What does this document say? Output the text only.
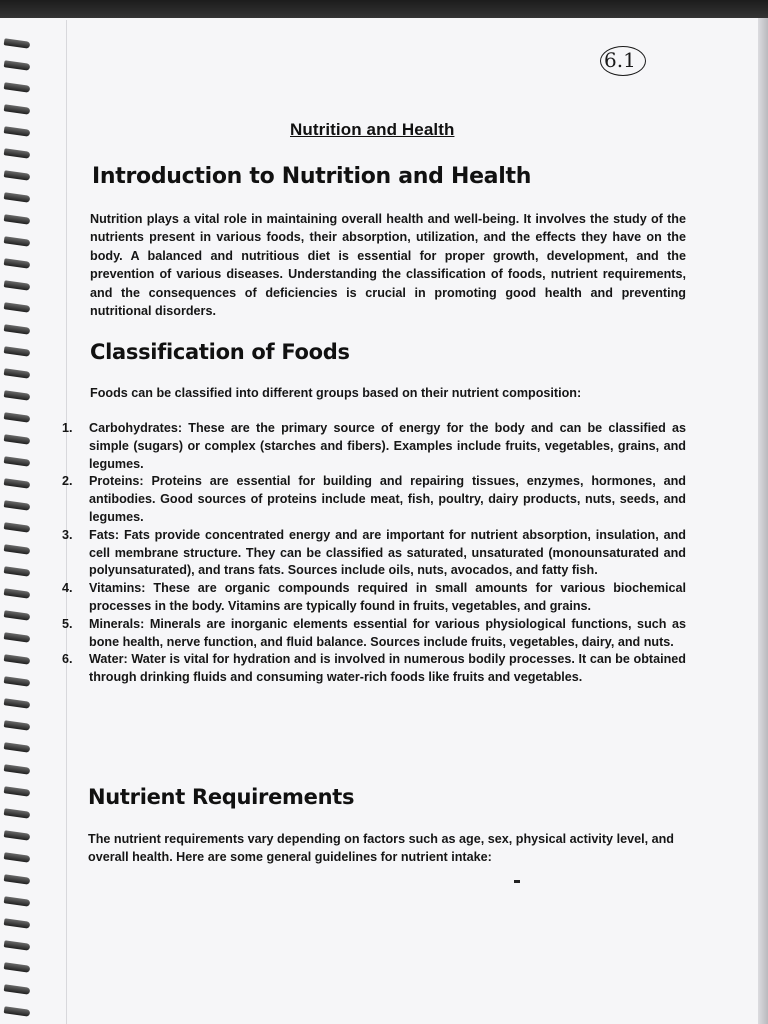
6.1
Nutrition and Health
Introduction to Nutrition and Health

Nutrition plays a vital role in maintaining overall health and well-being. It involves the study of the nutrients present in various foods, their absorption, utilization, and the effects they have on the body. A balanced and nutritious diet is essential for proper growth, development, and the prevention of various diseases. Understanding the classification of foods, nutrient requirements, and the consequences of deficiencies is crucial in promoting good health and preventing nutritional disorders.

Classification of Foods

Foods can be classified into different groups based on their nutrient composition:

1. Carbohydrates: These are the primary source of energy for the body and can be classified as simple (sugars) or complex (starches and fibers). Examples include fruits, vegetables, grains, and legumes.
2. Proteins: Proteins are essential for building and repairing tissues, enzymes, hormones, and antibodies. Good sources of proteins include meat, fish, poultry, dairy products, nuts, seeds, and legumes.
3. Fats: Fats provide concentrated energy and are important for nutrient absorption, insulation, and cell membrane structure. They can be classified as saturated, unsaturated (monounsaturated and polyunsaturated), and trans fats. Sources include oils, nuts, avocados, and fatty fish.
4. Vitamins: These are organic compounds required in small amounts for various biochemical processes in the body. Vitamins are typically found in fruits, vegetables, and grains.
5. Minerals: Minerals are inorganic elements essential for various physiological functions, such as bone health, nerve function, and fluid balance. Sources include fruits, vegetables, dairy, and nuts.
6. Water: Water is vital for hydration and is involved in numerous bodily processes. It can be obtained through drinking fluids and consuming water-rich foods like fruits and vegetables.
Nutrient Requirements

The nutrient requirements vary depending on factors such as age, sex, physical activity level, and overall health. Here are some general guidelines for nutrient intake:
